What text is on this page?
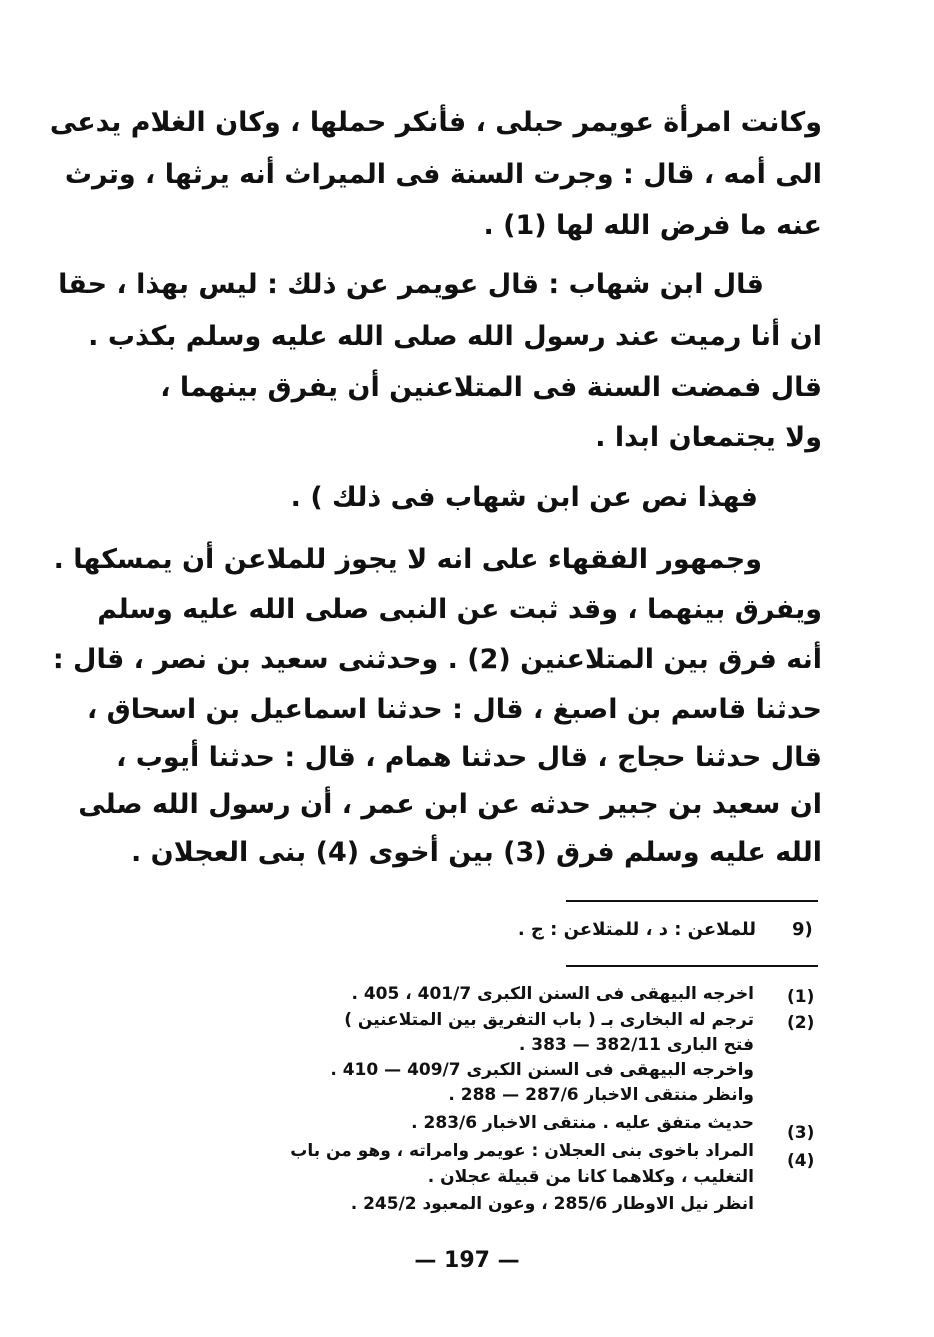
وكانت امرأة عويمر حبلى ، فأنكر حملها ، وكان الغلام يدعى

الى أمه ، قال : وجرت السنة فى الميراث أنه يرثها ، وترث

عنه ما فرض الله لها (1) .

قال ابن شهاب : قال عويمر عن ذلك : ليس بهذا ، حقا

ان أنا رميت عند رسول الله صلى الله عليه وسلم بكذب .

قال فمضت السنة فى المتلاعنين أن يفرق بينهما ،

ولا يجتمعان ابدا .

فهذا نص عن ابن شهاب فى ذلك ) .

وجمهور الفقهاء على انه لا يجوز للملاعن أن يمسكها .

ويفرق بينهما ، وقد ثبت عن النبى صلى الله عليه وسلم

أنه فرق بين المتلاعنين (2) . وحدثنى سعيد بن نصر ، قال :

حدثنا قاسم بن اصبغ ، قال : حدثنا اسماعيل بن اسحاق ،

قال حدثنا حجاج ، قال حدثنا همام ، قال : حدثنا أيوب ،

ان سعيد بن جبير حدثه عن ابن عمر ، أن رسول الله صلى

الله عليه وسلم فرق (3) بين أخوى (4) بنى العجلان .

9)

للملاعن : د ، للمتلاعن : ج .

(1)

اخرجه البيهقى فى السنن الكبرى 401/7 ، 405 .

(2)

ترجم له البخارى بـ ( باب التفريق بين المتلاعنين )

فتح البارى 382/11 — 383 .

واخرجه البيهقى فى السنن الكبرى 409/7 — 410 .

وانظر منتقى الاخبار 287/6 — 288 .

(3)

حديث متفق عليه . منتقى الاخبار 283/6 .

(4)

المراد باخوى بنى العجلان : عويمر وامراته ، وهو من باب

التغليب ، وكلاهما كانا من قبيلة عجلان .

انظر نيل الاوطار 285/6 ، وعون المعبود 245/2 .

— 197 —
